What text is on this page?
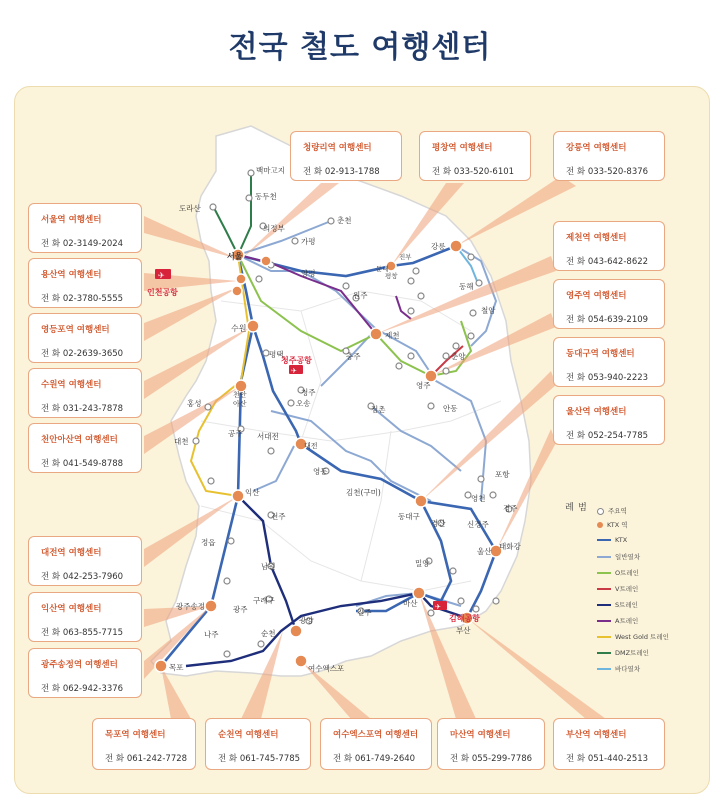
전국 철도 여행센터
백마고지
동두천
도라산
의정부
춘천
가평
서울
양평
원주
수원
평택
천안
아산
청주
오송
홍성
대천
공주 서대전
대전
영동
익산
전주
정읍
남원
광주송정	광주
나주
구례구
순천
광양
여수엑스포
목포
진주
마산
부산
태화강
울산
신경주
경산
동대구
김천(구미)
밀양
포항
영천
경주
점촌	안동
영주
제천
충주	춘양
철암
강릉
동해
진부
평창
둔내
✈
✈
✈
인천공항
청주공항
김해공항
서울역 여행센터
전 화 02-3149-2024
용산역 여행센터
전 화 02-3780-5555
영등포역 여행센터
전 화 02-2639-3650
수원역 여행센터
전 화 031-243-7878
천안아산역 여행센터
전 화 041-549-8788
청량리역 여행센터
전 화 02-913-1788
평창역 여행센터
전 화 033-520-6101
강릉역 여행센터
전 화 033-520-8376
제천역 여행센터
전 화 043-642-8622
영주역 여행센터
전 화 054-639-2109
동대구역 여행센터
전 화 053-940-2223
울산역 여행센터
전 화 052-254-7785
대전역 여행센터
전 화 042-253-7960
익산역 여행센터
전 화 063-855-7715
광주송정역 여행센터
전 화 062-942-3376
목포역 여행센터
전 화 061-242-7728
순천역 여행센터
전 화 061-745-7785
여수엑스포역 여행센터
전 화 061-749-2640
마산역 여행센터
전 화 055-299-7786
부산역 여행센터
전 화 051-440-2513
범 례	주요역
KTX 역
KTX
일반열차
O트레인
V트레인
S트레인
A트레인
West Gold 트레인
DMZ트레인
바다열차
